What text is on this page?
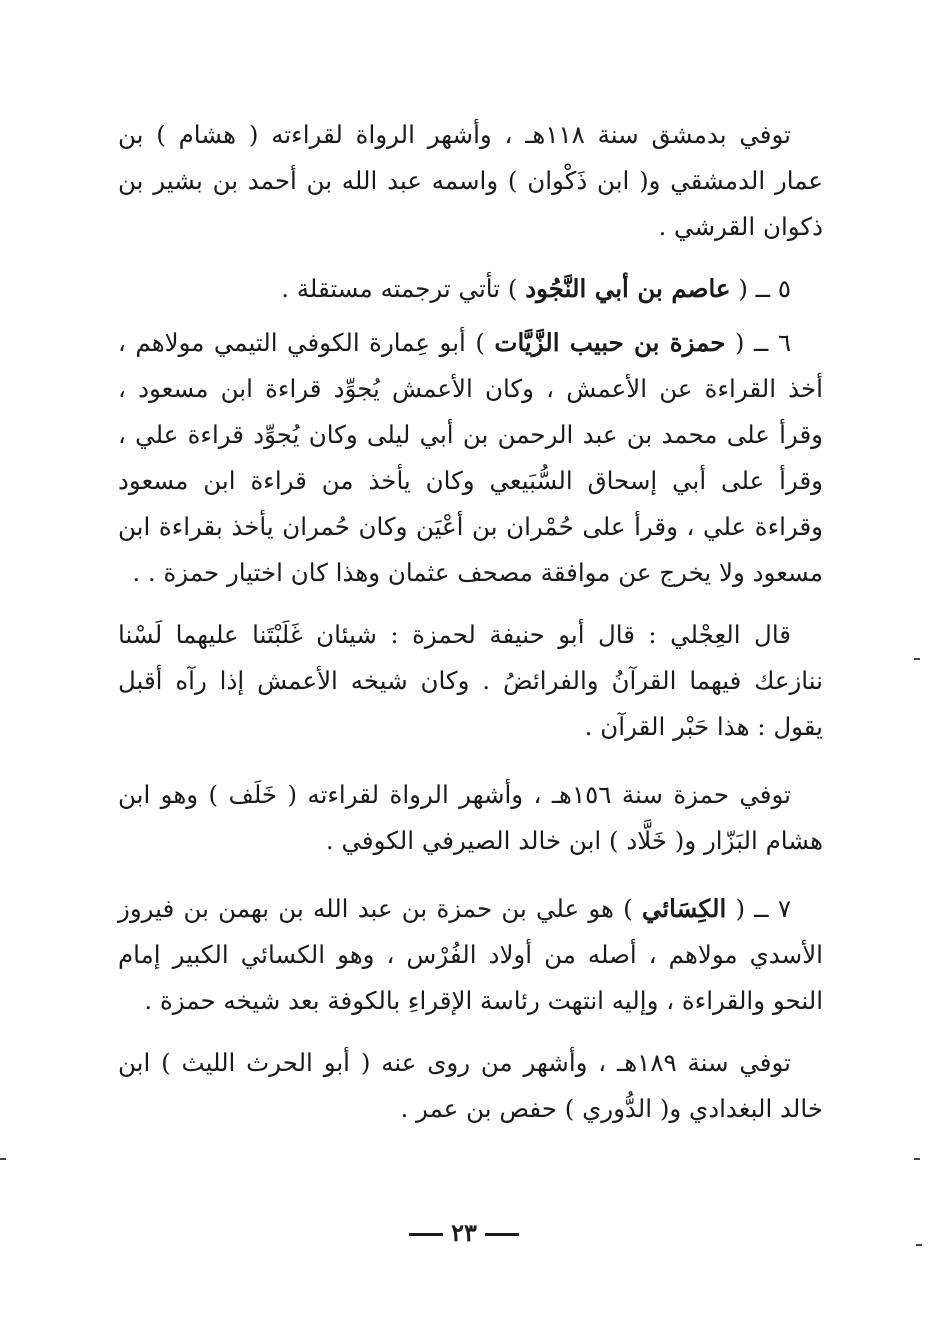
توفي بدمشق سنة ١١٨هـ ، وأشهر الرواة لقراءته ( هشام ) بن عمار الدمشقي و( ابن ذَكْوان ) واسمه عبد الله بن أحمد بن بشير بن ذكوان القرشي .

٥ ــ ( عاصم بن أبي النَّجُود ) تأتي ترجمته مستقلة .

٦ ــ ( حمزة بن حبيب الزَّيَّات ) أبو عِمارة الكوفي التيمي مولاهم ، أخذ القراءة عن الأعمش ، وكان الأعمش يُجوِّد قراءة ابن مسعود ، وقرأ على محمد بن عبد الرحمن بن أبي ليلى وكان يُجوِّد قراءة علي ، وقرأ على أبي إسحاق السُّبَيعي وكان يأخذ من قراءة ابن مسعود وقراءة علي ، وقرأ على حُمْران بن أعْيَن وكان حُمران يأخذ بقراءة ابن مسعود ولا يخرج عن موافقة مصحف عثمان وهذا كان اختيار حمزة . .

قال العِجْلي : قال أبو حنيفة لحمزة : شيئان غَلَبْتَنا عليهما لَسْنا ننازعك فيهما القرآنُ والفرائضُ . وكان شيخه الأعمش إذا رآه أقبل يقول : هذا حَبْر القرآن .

توفي حمزة سنة ١٥٦هـ ، وأشهر الرواة لقراءته ( خَلَف ) وهو ابن هشام البَزّار و( خَلَّاد ) ابن خالد الصيرفي الكوفي .

٧ ــ ( الكِسَائي ) هو علي بن حمزة بن عبد الله بن بهمن بن فيروز الأسدي مولاهم ، أصله من أولاد الفُرْس ، وهو الكسائي الكبير إمام النحو والقراءة ، وإليه انتهت رئاسة الإقراءِ بالكوفة بعد شيخه حمزة .

توفي سنة ١٨٩هـ ، وأشهر من روى عنه ( أبو الحرث الليث ) ابن خالد البغدادي و( الدُّوري ) حفص بن عمر .

٢٣
